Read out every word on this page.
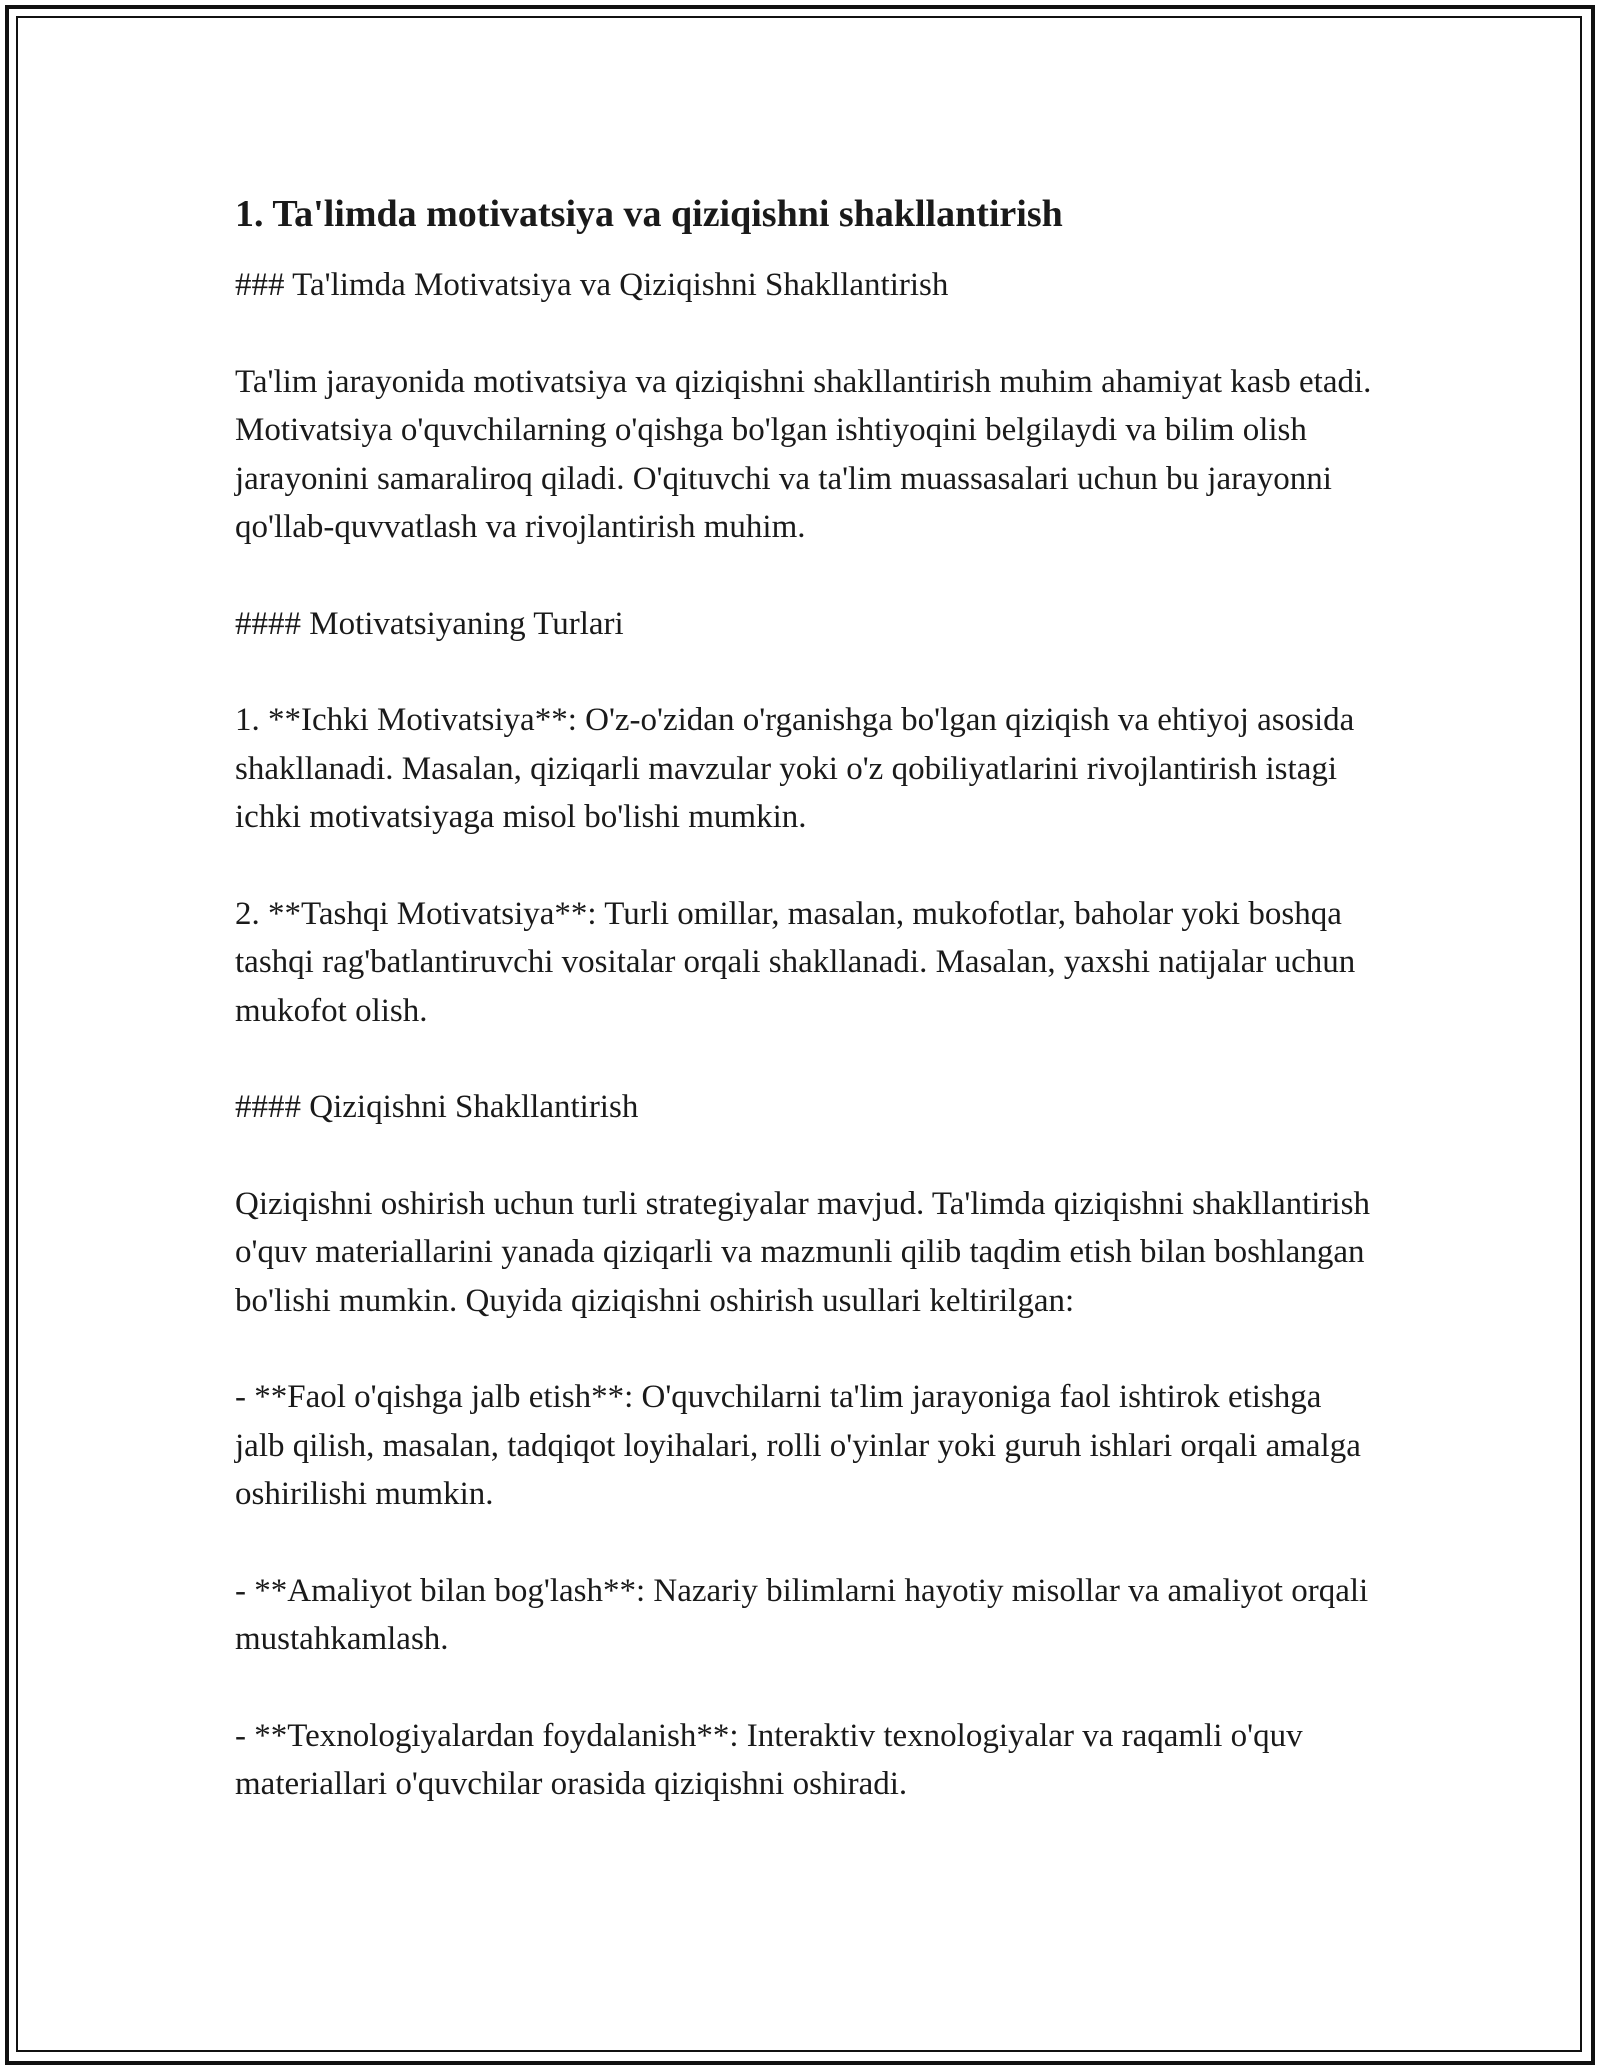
1. Ta'limda motivatsiya va qiziqishni shakllantirish

### Ta'limda Motivatsiya va Qiziqishni Shakllantirish

Ta'lim jarayonida motivatsiya va qiziqishni shakllantirish muhim ahamiyat kasb etadi. Motivatsiya o'quvchilarning o'qishga bo'lgan ishtiyoqini belgilaydi va bilim olish jarayonini samaraliroq qiladi. O'qituvchi va ta'lim muassasalari uchun bu jarayonni qo'llab-quvvatlash va rivojlantirish muhim.

#### Motivatsiyaning Turlari

1. **Ichki Motivatsiya**: O'z-o'zidan o'rganishga bo'lgan qiziqish va ehtiyoj asosida shakllanadi. Masalan, qiziqarli mavzular yoki o'z qobiliyatlarini rivojlantirish istagi ichki motivatsiyaga misol bo'lishi mumkin.

2. **Tashqi Motivatsiya**: Turli omillar, masalan, mukofotlar, baholar yoki boshqa tashqi rag'batlantiruvchi vositalar orqali shakllanadi. Masalan, yaxshi natijalar uchun mukofot olish.

#### Qiziqishni Shakllantirish

Qiziqishni oshirish uchun turli strategiyalar mavjud. Ta'limda qiziqishni shakllantirish o'quv materiallarini yanada qiziqarli va mazmunli qilib taqdim etish bilan boshlangan bo'lishi mumkin. Quyida qiziqishni oshirish usullari keltirilgan:

- **Faol o'qishga jalb etish**: O'quvchilarni ta'lim jarayoniga faol ishtirok etishga jalb qilish, masalan, tadqiqot loyihalari, rolli o'yinlar yoki guruh ishlari orqali amalga oshirilishi mumkin.

- **Amaliyot bilan bog'lash**: Nazariy bilimlarni hayotiy misollar va amaliyot orqali mustahkamlash.

- **Texnologiyalardan foydalanish**: Interaktiv texnologiyalar va raqamli o'quv materiallari o'quvchilar orasida qiziqishni oshiradi.
